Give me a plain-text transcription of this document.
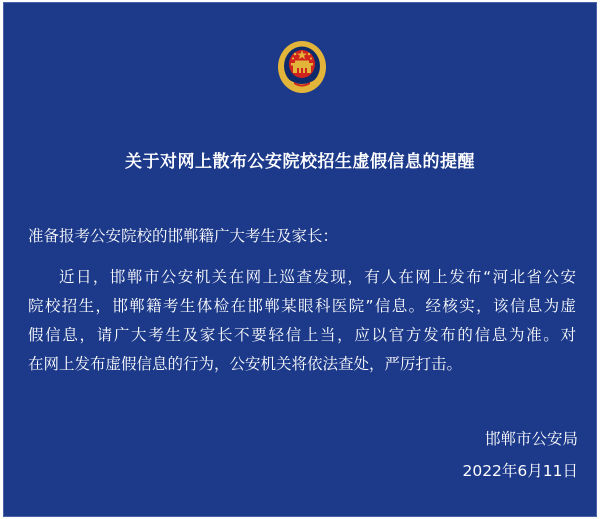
关于对网上散布公安院校招生虚假信息的提醒
准备报考公安院校的邯郸籍广大考生及家长：
近日，邯郸市公安机关在网上巡查发现，有人在网上发布“河北省公安
院校招生，邯郸籍考生体检在邯郸某眼科医院”信息。经核实，该信息为虚
假信息，请广大考生及家长不要轻信上当，应以官方发布的信息为准。对
在网上发布虚假信息的行为，公安机关将依法查处，严厉打击。
邯郸市公安局
2022年6月11日
